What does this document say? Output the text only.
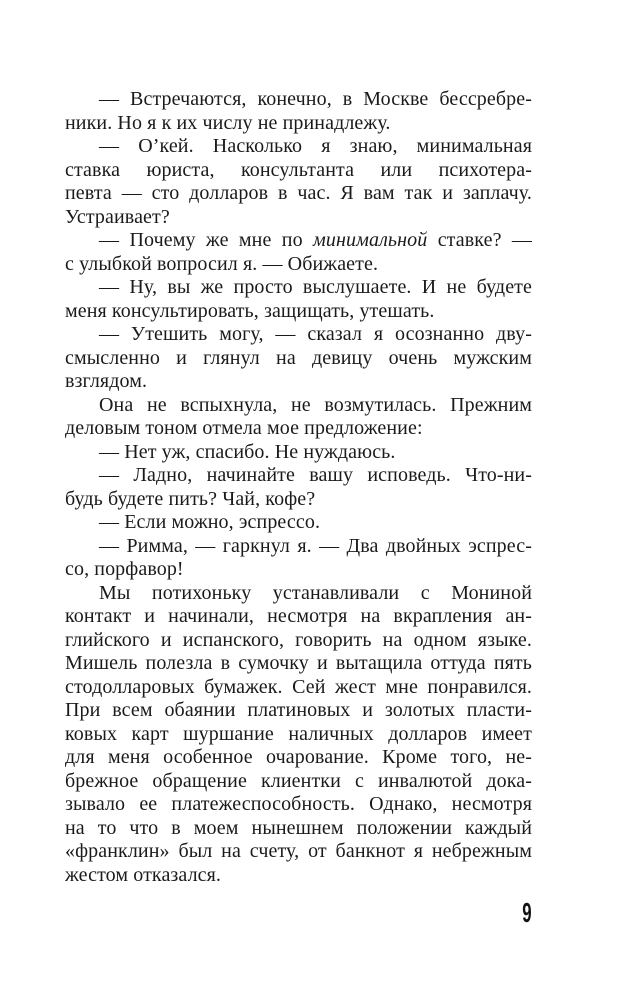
— Встречаются, конечно, в Москве бессребре-
ники. Но я к их числу не принадлежу.
— О’кей. Насколько я знаю, минимальная
ставка юриста, консультанта или психотера-
певта — сто долларов в час. Я вам так и заплачу.
Устраивает?
— Почему же мне по минимальной ставке? —
с улыбкой вопросил я. — Обижаете.
— Ну, вы же просто выслушаете. И не будете
меня консультировать, защищать, утешать.
— Утешить могу, — сказал я осознанно дву-
смысленно и глянул на девицу очень мужским
взглядом.
Она не вспыхнула, не возмутилась. Прежним
деловым тоном отмела мое предложение:
— Нет уж, спасибо. Не нуждаюсь.
— Ладно, начинайте вашу исповедь. Что-ни-
будь будете пить? Чай, кофе?
— Если можно, эспрессо.
— Римма, — гаркнул я. — Два двойных эспрес-
со, порфавор!
Мы потихоньку устанавливали с Мониной
контакт и начинали, несмотря на вкрапления ан-
глийского и испанского, говорить на одном языке.
Мишель полезла в сумочку и вытащила оттуда пять
стодолларовых бумажек. Сей жест мне понравился.
При всем обаянии платиновых и золотых пласти-
ковых карт шуршание наличных долларов имеет
для меня особенное очарование. Кроме того, не-
брежное обращение клиентки с инвалютой дока-
зывало ее платежеспособность. Однако, несмотря
на то что в моем нынешнем положении каждый
«франклин» был на счету, от банкнот я небрежным
жестом отказался.
9
